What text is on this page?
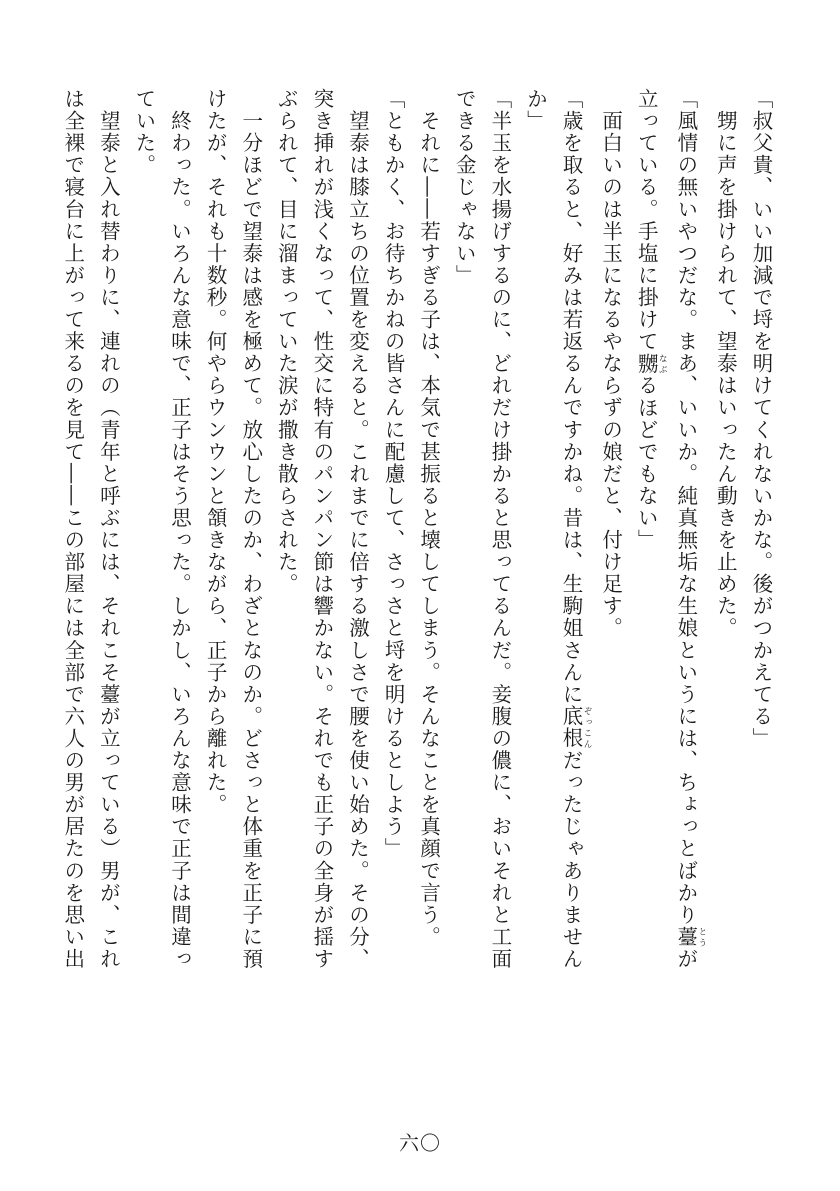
「叔父貴、いい加減で埒を明けてくれないかな。後がつかえてる」
　甥に声を掛けられて、望泰はいったん動きを止めた。
「風情の無いやつだな。まあ、いいか。純真無垢な生娘というには、ちょっとばかり薹 とうが
立っている。手塩に掛けて嬲 なぶるほどでもない」
　面白いのは半玉になるやならずの娘だと、付け足す。
「歳を取ると、好みは若返るんですかね。昔は、生駒姐さんに底根 ぞっこんだったじゃありません
か」
「半玉を水揚げするのに、どれだけ掛かると思ってるんだ。妾腹の儂に、おいそれと工面
できる金じゃない」
　それに――若すぎる子は、本気で甚振ると壊してしまう。そんなことを真顔で言う。
「ともかく、お待ちかねの皆さんに配慮して、さっさと埒を明けるとしよう」
　望泰は膝立ちの位置を変えると。これまでに倍する激しさで腰を使い始めた。その分、
突き挿れが浅くなって、性交に特有のパンパン節は響かない。それでも正子の全身が揺す
ぶられて、目に溜まっていた涙が撒き散らされた。
　一分ほどで望泰は感を極めて。放心したのか、わざとなのか。どさっと体重を正子に預
けたが、それも十数秒。何やらウンウンと頷きながら、正子から離れた。
　終わった。いろんな意味で、正子はそう思った。しかし、いろんな意味で正子は間違っ
ていた。
　望泰と入れ替わりに、連れの（青年と呼ぶには、それこそ薹が立っている）男が、これ
は全裸で寝台に上がって来るのを見て――この部屋には全部で六人の男が居たのを思い出
六〇
